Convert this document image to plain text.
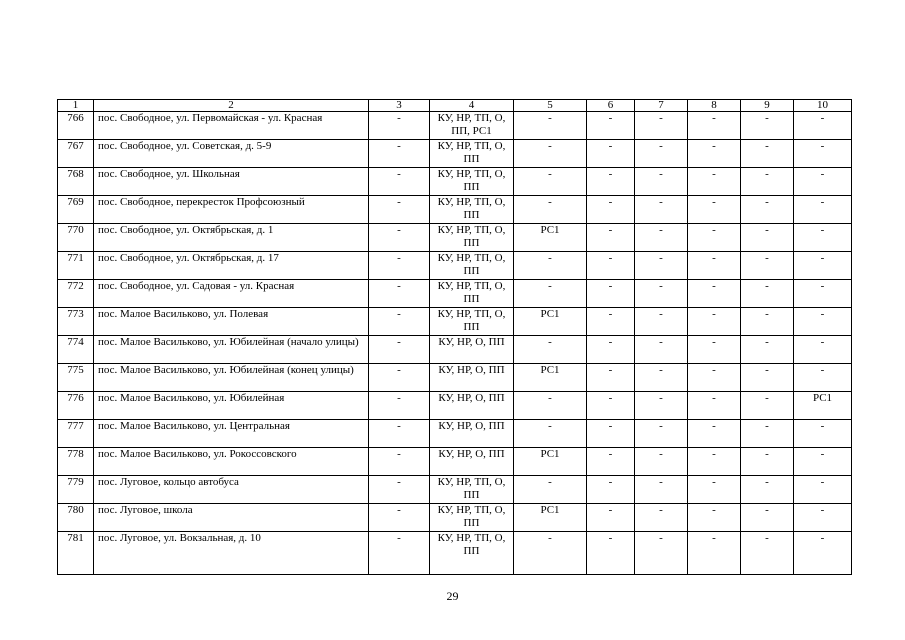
1	2	3	4	5	6	7	8	9	10
766	пос. Свободное, ул. Первомайская - ул. Красная	-	КУ, НР, ТП, О, ПП, РС1	-	-	-	-	-	-
767	пос. Свободное, ул. Советская, д. 5-9	-	КУ, НР, ТП, О, ПП	-	-	-	-	-	-
768	пос. Свободное, ул. Школьная	-	КУ, НР, ТП, О, ПП	-	-	-	-	-	-
769	пос. Свободное, перекресток Профсоюзный	-	КУ, НР, ТП, О, ПП	-	-	-	-	-	-
770	пос. Свободное, ул. Октябрьская, д. 1	-	КУ, НР, ТП, О, ПП	РС1	-	-	-	-	-
771	пос. Свободное, ул. Октябрьская, д. 17	-	КУ, НР, ТП, О, ПП	-	-	-	-	-	-
772	пос. Свободное, ул. Садовая - ул. Красная	-	КУ, НР, ТП, О, ПП	-	-	-	-	-	-
773	пос. Малое Васильково, ул. Полевая	-	КУ, НР, ТП, О, ПП	РС1	-	-	-	-	-
774	пос. Малое Васильково, ул. Юбилейная (начало улицы)	-	КУ, НР, О, ПП	-	-	-	-	-	-
775	пос. Малое Васильково, ул. Юбилейная (конец улицы)	-	КУ, НР, О, ПП	РС1	-	-	-	-	-
776	пос. Малое Васильково, ул. Юбилейная	-	КУ, НР, О, ПП	-	-	-	-	-	РС1
777	пос. Малое Васильково, ул. Центральная	-	КУ, НР, О, ПП	-	-	-	-	-	-
778	пос. Малое Васильково, ул. Рокоссовского	-	КУ, НР, О, ПП	РС1	-	-	-	-	-
779	пос. Луговое, кольцо автобуса	-	КУ, НР, ТП, О, ПП	-	-	-	-	-	-
780	пос. Луговое, школа	-	КУ, НР, ТП, О, ПП	РС1	-	-	-	-	-
781	пос. Луговое, ул. Вокзальная, д. 10	-	КУ, НР, ТП, О, ПП	-	-	-	-	-	-
29
